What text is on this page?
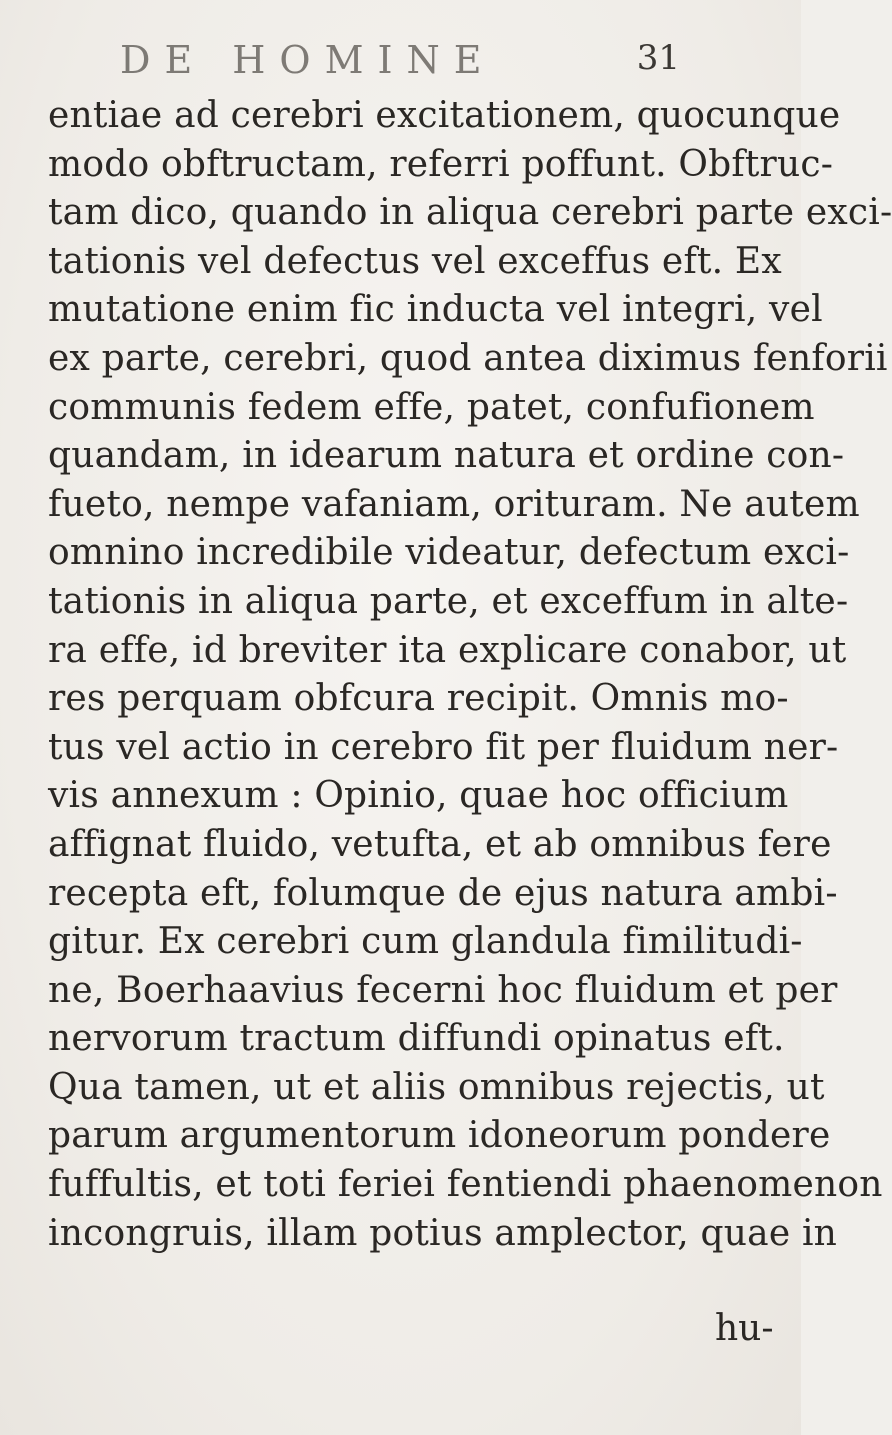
DE HOMINE	31
entiae ad cerebri excitationem, quocunque
modo obftructam, referri poffunt. Obftruc-
tam dico, quando in aliqua cerebri parte exci-
tationis vel defectus vel exceffus eft. Ex
mutatione enim fic inducta vel integri, vel
ex parte, cerebri, quod antea diximus fenforii
communis fedem effe, patet, confufionem
quandam, in idearum natura et ordine con-
fueto, nempe vafaniam, orituram. Ne autem
omnino incredibile videatur, defectum exci-
tationis in aliqua parte, et exceffum in alte-
ra effe, id breviter ita explicare conabor, ut
res perquam obfcura recipit. Omnis mo-
tus vel actio in cerebro fit per fluidum ner-
vis annexum : Opinio, quae hoc officium
affignat fluido, vetufta, et ab omnibus fere
recepta eft, folumque de ejus natura ambi-
gitur. Ex cerebri cum glandula fimilitudi-
ne, Boerhaavius fecerni hoc fluidum et per
nervorum tractum diffundi opinatus eft.
Qua tamen, ut et aliis omnibus rejectis, ut
parum argumentorum idoneorum pondere
fuffultis, et toti feriei fentiendi phaenomenon
incongruis, illam potius amplector, quae in
hu-
